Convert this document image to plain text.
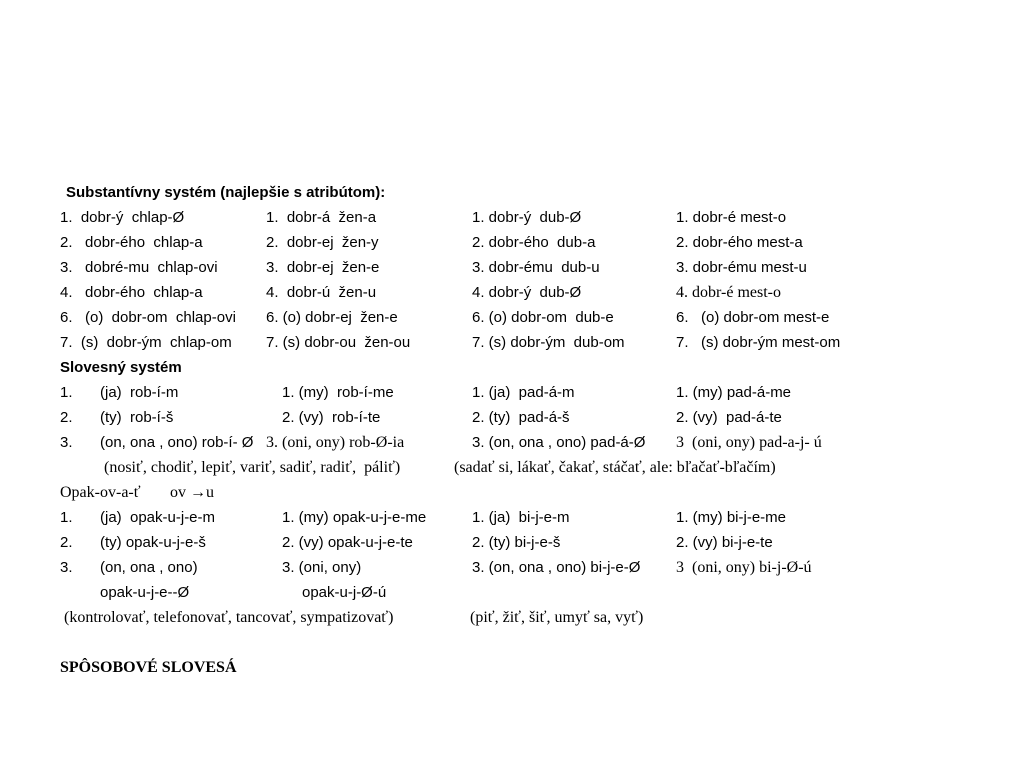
Substantívny systém (najlepšie s atribútom):
1.  dobr-ý  chlap-Ø	1.  dobr-á  žen-a	1. dobr-ý  dub-Ø	1. dobr-é mest-o
2.   dobr-ého  chlap-a	2.  dobr-ej  žen-y	2. dobr-ého  dub-a	2. dobr-ého mest-a
3.   dobré-mu  chlap-ovi	3.  dobr-ej  žen-e	3. dobr-ému  dub-u	3. dobr-ému mest-u
4.   dobr-ého  chlap-a	4.  dobr-ú  žen-u	4. dobr-ý  dub-Ø	4. dobr-é mest-o
6.   (o)  dobr-om  chlap-ovi 6. (o) dobr-ej  žen-e	6. (o) dobr-om  dub-e	6.   (o) dobr-om mest-e
7.  (s)  dobr-ým  chlap-om 7. (s) dobr-ou  žen-ou	7. (s) dobr-ým  dub-om	7.   (s) dobr-ým mest-om
Slovesný systém
1. (ja)  rob-í-m	1. (my)  rob-í-me	1. (ja)  pad-á-m	1. (my) pad-á-me
2. (ty)  rob-í-š	2. (vy)  rob-í-te	2. (ty)  pad-á-š	2. (vy)  pad-á-te
3. (on, ona , ono) rob-í- Ø 3. (oni, ony) rob-Ø-ia	3. (on, ona , ono) pad-á-Ø 3  (oni, ony) pad-a-j- ú
(nosiť, chodiť, lepiť, variť, sadiť, radiť,  páliť)	(sadať si, lákať, čakať, stáčať, ale: bľačať-bľačím)
Opak-ov-a-ť ov →u
1. (ja)  opak-u-j-e-m	1. (my) opak-u-j-e-me	1. (ja)  bi-j-e-m	1. (my) bi-j-e-me
2. (ty) opak-u-j-e-š	2. (vy) opak-u-j-e-te	2. (ty) bi-j-e-š	2. (vy) bi-j-e-te
3. (on, ona , ono)	3. (oni, ony)	3. (on, ona , ono) bi-j-e-Ø 3  (oni, ony) bi-j-Ø-ú
opak-u-j-e--Ø	opak-u-j-Ø-ú
(kontrolovať, telefonovať, tancovať, sympatizovať)	(piť, žiť, šiť, umyť sa, vyť)
SPÔSOBOVÉ SLOVESÁ
